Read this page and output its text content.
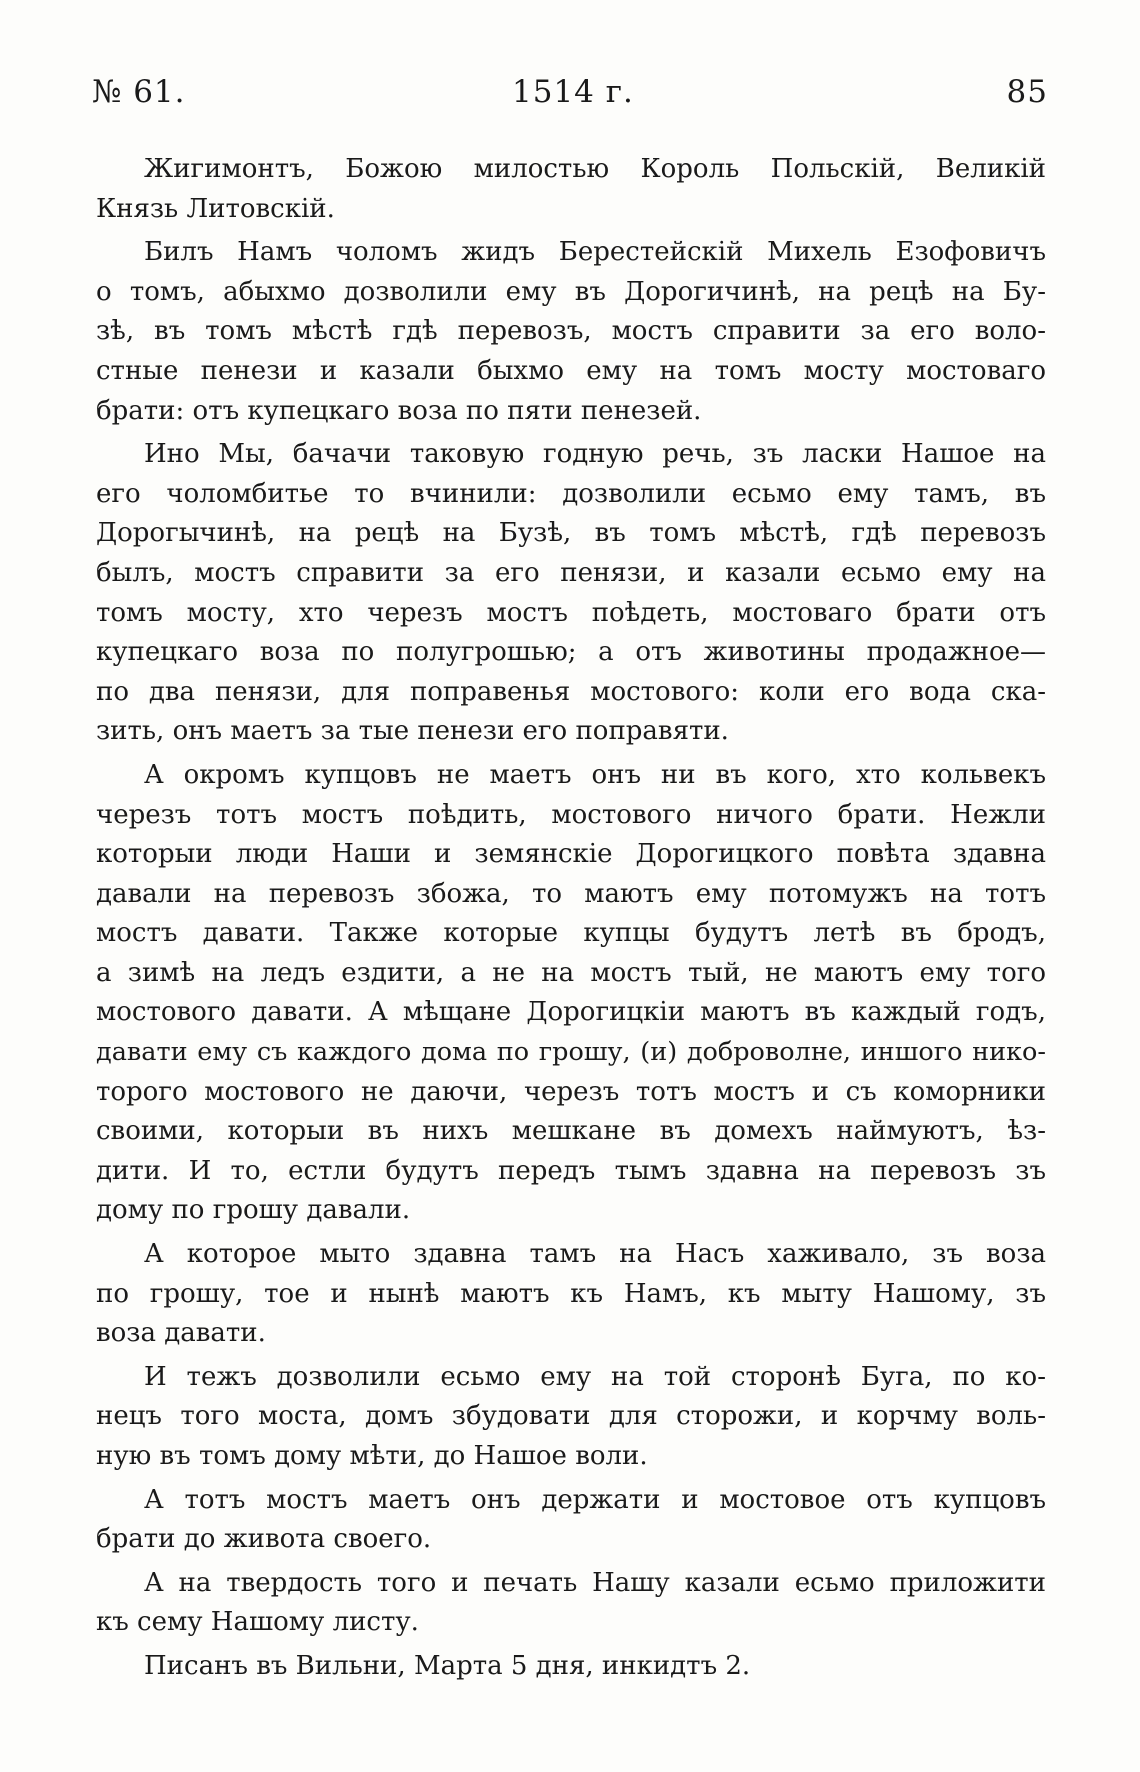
№ 61.	1514 г.	85
Жигимонтъ, Божою милостью Король Польскій, Великій
Князь Литовскій.
Билъ Намъ чоломъ жидъ Берестейскій Михель Езофовичъ
о томъ, абыхмо дозволили ему въ Дорогичинѣ, на рецѣ на Бу-
зѣ, въ томъ мѣстѣ гдѣ перевозъ, мостъ справити за его воло-
стные пенези и казали быхмо ему на томъ мосту мостоваго
брати: отъ купецкаго воза по пяти пенезей.
Ино Мы, бачачи таковую годную речь, зъ ласки Нашое на
его чоломбитье то вчинили: дозволили есьмо ему тамъ, въ
Дорогычинѣ, на рецѣ на Бузѣ, въ томъ мѣстѣ, гдѣ перевозъ
былъ, мостъ справити за его пенязи, и казали есьмо ему на
томъ мосту, хто черезъ мостъ поѣдеть, мостоваго брати отъ
купецкаго воза по полугрошью; а отъ животины продажное—
по два пенязи, для поправенья мостового: коли его вода ска-
зить, онъ маетъ за тые пенези его поправяти.
А окромъ купцовъ не маетъ онъ ни въ кого, хто кольвекъ
черезъ тотъ мостъ поѣдить, мостового ничого брати. Нежли
которыи люди Наши и земянскіе Дорогицкого повѣта здавна
давали на перевозъ збожа, то маютъ ему потомужъ на тотъ
мостъ давати. Также которые купцы будутъ летѣ въ бродъ,
а зимѣ на ледъ ездити, а не на мостъ тый, не маютъ ему того
мостового давати. А мѣщане Дорогицкіи маютъ въ каждый годъ,
давати ему съ каждого дома по грошу, (и) доброволне, иншого нико-
торого мостового не даючи, черезъ тотъ мостъ и съ коморники
своими, которыи въ нихъ мешкане въ домехъ наймуютъ, ѣз-
дити. И то, естли будутъ передъ тымъ здавна на перевозъ зъ
дому по грошу давали.
А которое мыто здавна тамъ на Насъ хаживало, зъ воза
по грошу, тое и нынѣ маютъ къ Намъ, къ мыту Нашому, зъ
воза давати.
И тежъ дозволили есьмо ему на той сторонѣ Буга, по ко-
нецъ того моста, домъ збудовати для сторожи, и корчму воль-
ную въ томъ дому мѣти, до Нашое воли.
А тотъ мостъ маетъ онъ держати и мостовое отъ купцовъ
брати до живота своего.
А на твердость того и печать Нашу казали есьмо приложити
къ сему Нашому листу.
Писанъ въ Вильни, Марта 5 дня, инкидтъ 2.
